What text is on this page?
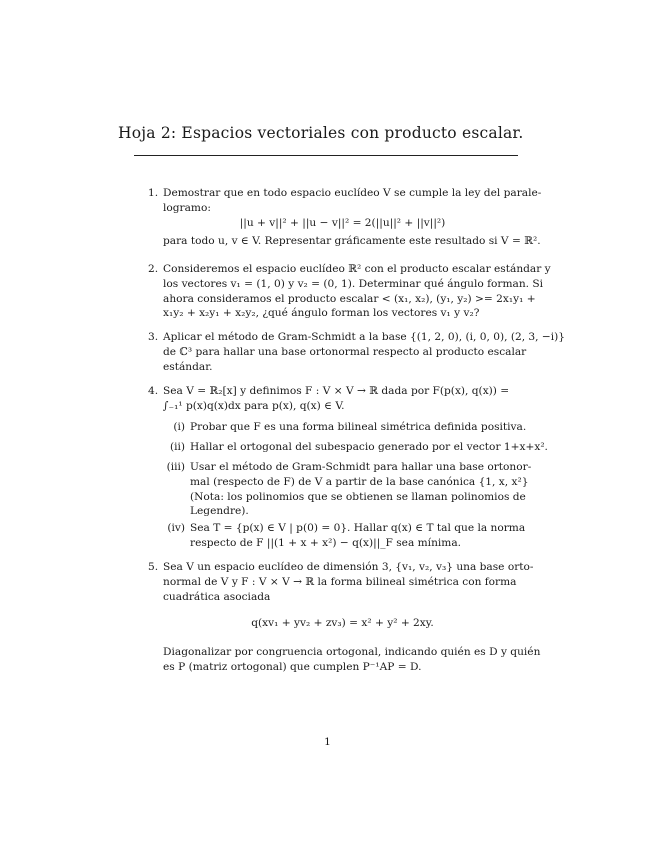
Hoja 2: Espacios vectoriales con producto escalar.
1. Demostrar que en todo espacio euclídeo V se cumple la ley del parale-
logramo:
||u + v||² + ||u − v||² = 2(||u||² + ||v||²)
para todo u, v ∈ V. Representar gráficamente este resultado si V = ℝ².
2. Consideremos el espacio euclídeo ℝ² con el producto escalar estándar y
los vectores v₁ = (1, 0) y v₂ = (0, 1). Determinar qué ángulo forman. Si
ahora consideramos el producto escalar < (x₁, x₂), (y₁, y₂) >= 2x₁y₁ +
x₁y₂ + x₂y₁ + x₂y₂, ¿qué ángulo forman los vectores v₁ y v₂?
3. Aplicar el método de Gram-Schmidt a la base {(1, 2, 0), (i, 0, 0), (2, 3, −i)}
de ℂ³ para hallar una base ortonormal respecto al producto escalar
estándar.
4. Sea V = ℝ₂[x] y definimos F : V × V → ℝ dada por F(p(x), q(x)) =
∫₋₁¹ p(x)q(x)dx para p(x), q(x) ∈ V.
(i) Probar que F es una forma bilineal simétrica definida positiva.
(ii) Hallar el ortogonal del subespacio generado por el vector 1+x+x².
(iii) Usar el método de Gram-Schmidt para hallar una base ortonor-
mal (respecto de F) de V a partir de la base canónica {1, x, x²}
(Nota: los polinomios que se obtienen se llaman polinomios de
Legendre).
(iv) Sea T = {p(x) ∈ V | p(0) = 0}. Hallar q(x) ∈ T tal que la norma
respecto de F ||(1 + x + x²) − q(x)||_F sea mínima.
5. Sea V un espacio euclídeo de dimensión 3, {v₁, v₂, v₃} una base orto-
normal de V y F : V × V → ℝ la forma bilineal simétrica con forma
cuadrática asociada
q(xv₁ + yv₂ + zv₃) = x² + y² + 2xy.
Diagonalizar por congruencia ortogonal, indicando quién es D y quién
es P (matriz ortogonal) que cumplen P⁻¹AP = D.
1
